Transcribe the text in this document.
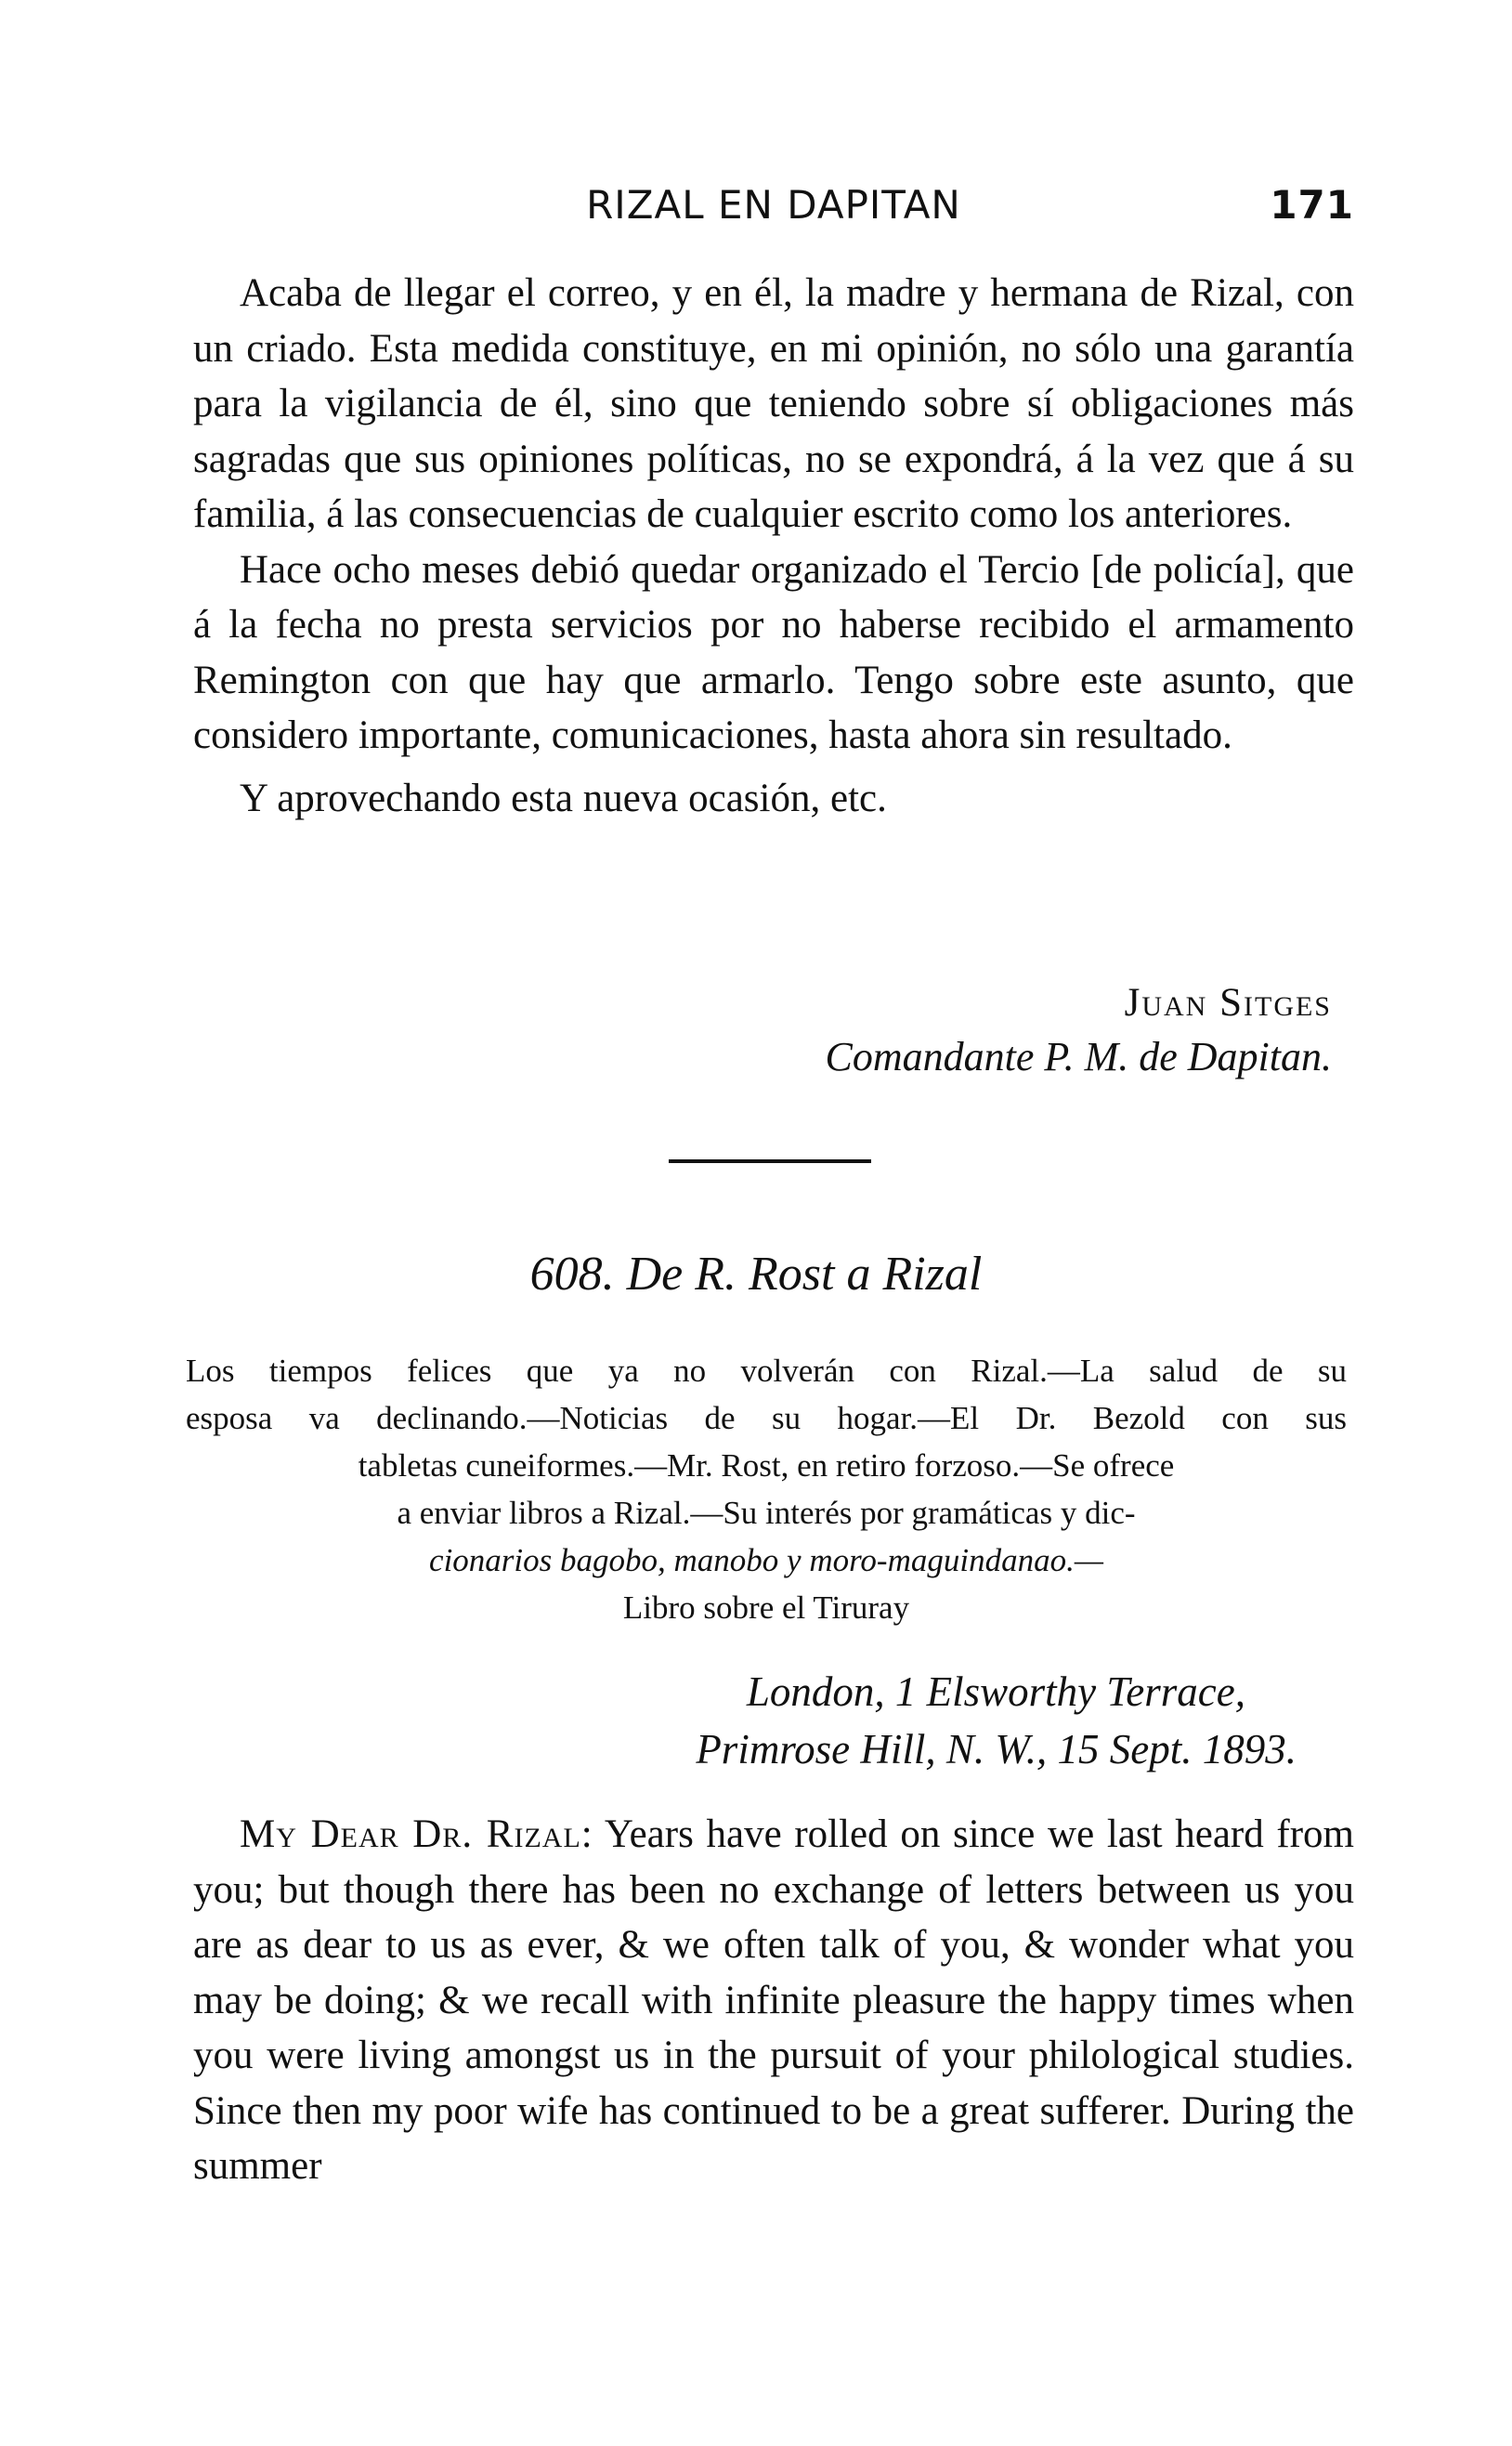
RIZAL EN DAPITAN	171

Acaba de llegar el correo, y en él, la madre y hermana de Rizal, con un criado. Esta medida constituye, en mi opinión, no sólo una garantía para la vigilancia de él, sino que teniendo sobre sí obligaciones más sagradas que sus opiniones políticas, no se expondrá, á la vez que á su familia, á las consecuencias de cualquier escrito como los anteriores.

Hace ocho meses debió quedar organizado el Tercio [de policía], que á la fecha no presta servicios por no haberse recibido el armamento Remington con que hay que armarlo. Tengo sobre este asunto, que considero importante, comunicaciones, hasta ahora sin resultado.

Y aprovechando esta nueva ocasión, etc.

Juan Sitges
Comandante P. M. de Dapitan.
608. De R. Rost a Rizal
Los tiempos felices que ya no volverán con Rizal.—La salud de su
esposa va declinando.—Noticias de su hogar.—El Dr. Bezold con sus
tabletas cuneiformes.—Mr. Rost, en retiro forzoso.—Se ofrece
a enviar libros a Rizal.—Su interés por gramáticas y dic-
cionarios bagobo, manobo y moro-maguindanao.—
Libro sobre el Tiruray
London, 1 Elsworthy Terrace,
Primrose Hill, N. W., 15 Sept. 1893.

My Dear Dr. Rizal: Years have rolled on since we last heard from you; but though there has been no exchange of letters between us you are as dear to us as ever, & we often talk of you, & wonder what you may be doing; & we recall with infinite pleasure the happy times when you were living amongst us in the pursuit of your philological studies. Since then my poor wife has continued to be a great sufferer. During the summer
